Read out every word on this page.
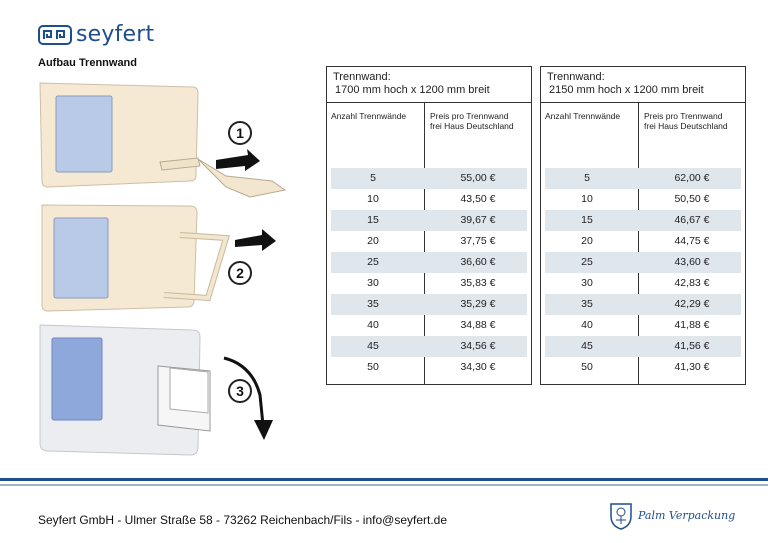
seyfert
Aufbau Trennwand
1
2
3
Trennwand:
1700 mm hoch x 1200 mm breit
Anzahl Trennwände	Preis pro Trennwand
frei Haus Deutschland
5	55,00 €
10	43,50 €
15	39,67 €
20	37,75 €
25	36,60 €
30	35,83 €
35	35,29 €
40	34,88 €
45	34,56 €
50	34,30 €
Trennwand:
2150 mm hoch x 1200 mm breit
Anzahl Trennwände	Preis pro Trennwand
frei Haus Deutschland
5	62,00 €
10	50,50 €
15	46,67 €
20	44,75 €
25	43,60 €
30	42,83 €
35	42,29 €
40	41,88 €
45	41,56 €
50	41,30 €
Seyfert GmbH - Ulmer Straße 58 - 73262 Reichenbach/Fils - info@seyfert.de	Palm Verpackung
